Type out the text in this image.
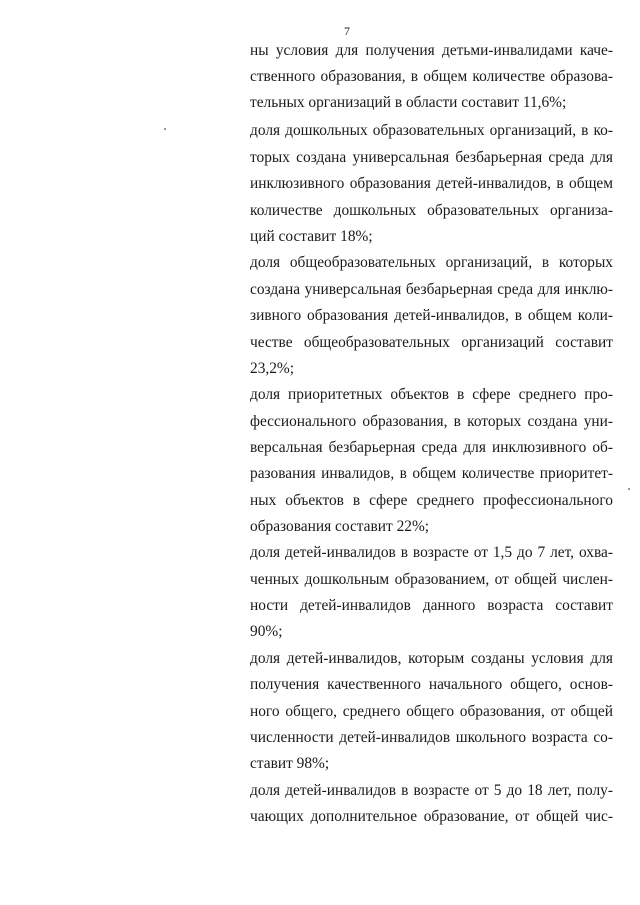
7
ны условия для получения детьми-инвалидами каче-
ственного образования, в общем количестве образова-
тельных организаций в области составит 11,6%;
доля дошкольных образовательных организаций, в ко-
торых создана универсальная безбарьерная среда для
инклюзивного образования детей-инвалидов, в общем
количестве дошкольных образовательных организа-
ций составит 18%;
доля общеобразовательных организаций, в которых
создана универсальная безбарьерная среда для инклю-
зивного образования детей-инвалидов, в общем коли-
честве общеобразовательных организаций составит
23,2%;
доля приоритетных объектов в сфере среднего про-
фессионального образования, в которых создана уни-
версальная безбарьерная среда для инклюзивного об-
разования инвалидов, в общем количестве приоритет-
ных объектов в сфере среднего профессионального
образования составит 22%;
доля детей-инвалидов в возрасте от 1,5 до 7 лет, охва-
ченных дошкольным образованием, от общей числен-
ности детей-инвалидов данного возраста составит
90%;
доля детей-инвалидов, которым созданы условия для
получения качественного начального общего, основ-
ного общего, среднего общего образования, от общей
численности детей-инвалидов школьного возраста со-
ставит 98%;
доля детей-инвалидов в возрасте от 5 до 18 лет, полу-
чающих дополнительное образование, от общей чис-
